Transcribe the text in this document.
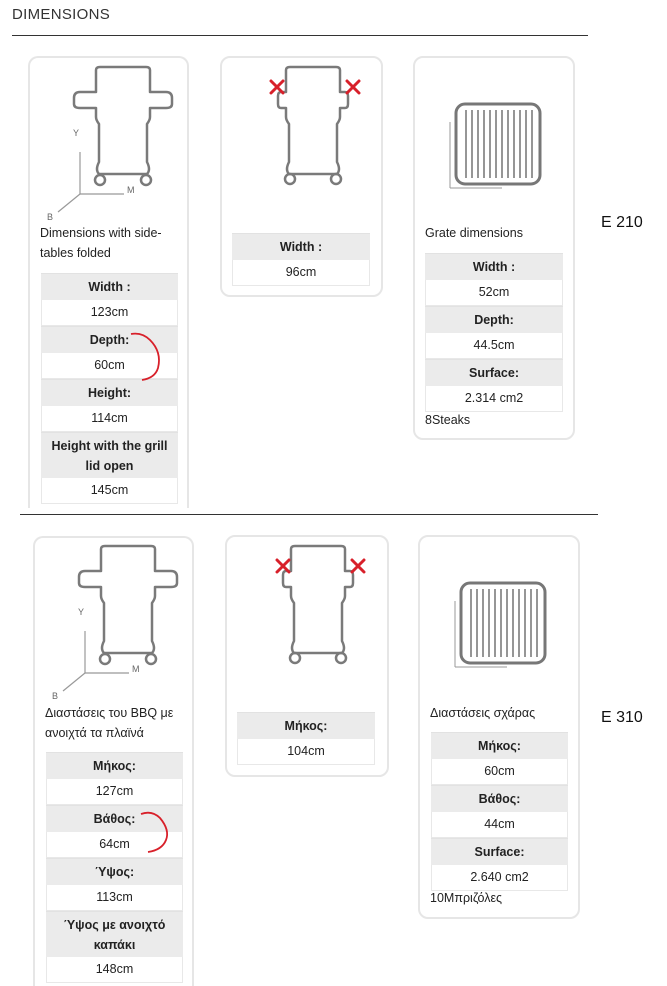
DIMENSIONS
Y
M
B
Dimensions with side-
tables folded
Width :
123cm
Depth:
60cm
Height:
114cm
Height with the grill lid open
145cm
Width :
96cm
Grate dimensions
Width :
52cm
Depth:
44.5cm
Surface:
2.314 cm2
8Steaks
E 210
Y
M
B
Διαστάσεις του BBQ με
ανοιχτά τα πλαϊνά
Μήκος:
127cm
Βάθος:
64cm
Ύψος:
113cm
Ύψος με ανοιχτό καπάκι
148cm
Μήκος:
104cm
Διαστάσεις σχάρας
Μήκος:
60cm
Βάθος:
44cm
Surface:
2.640 cm2
10Μπριζόλες
E 310
